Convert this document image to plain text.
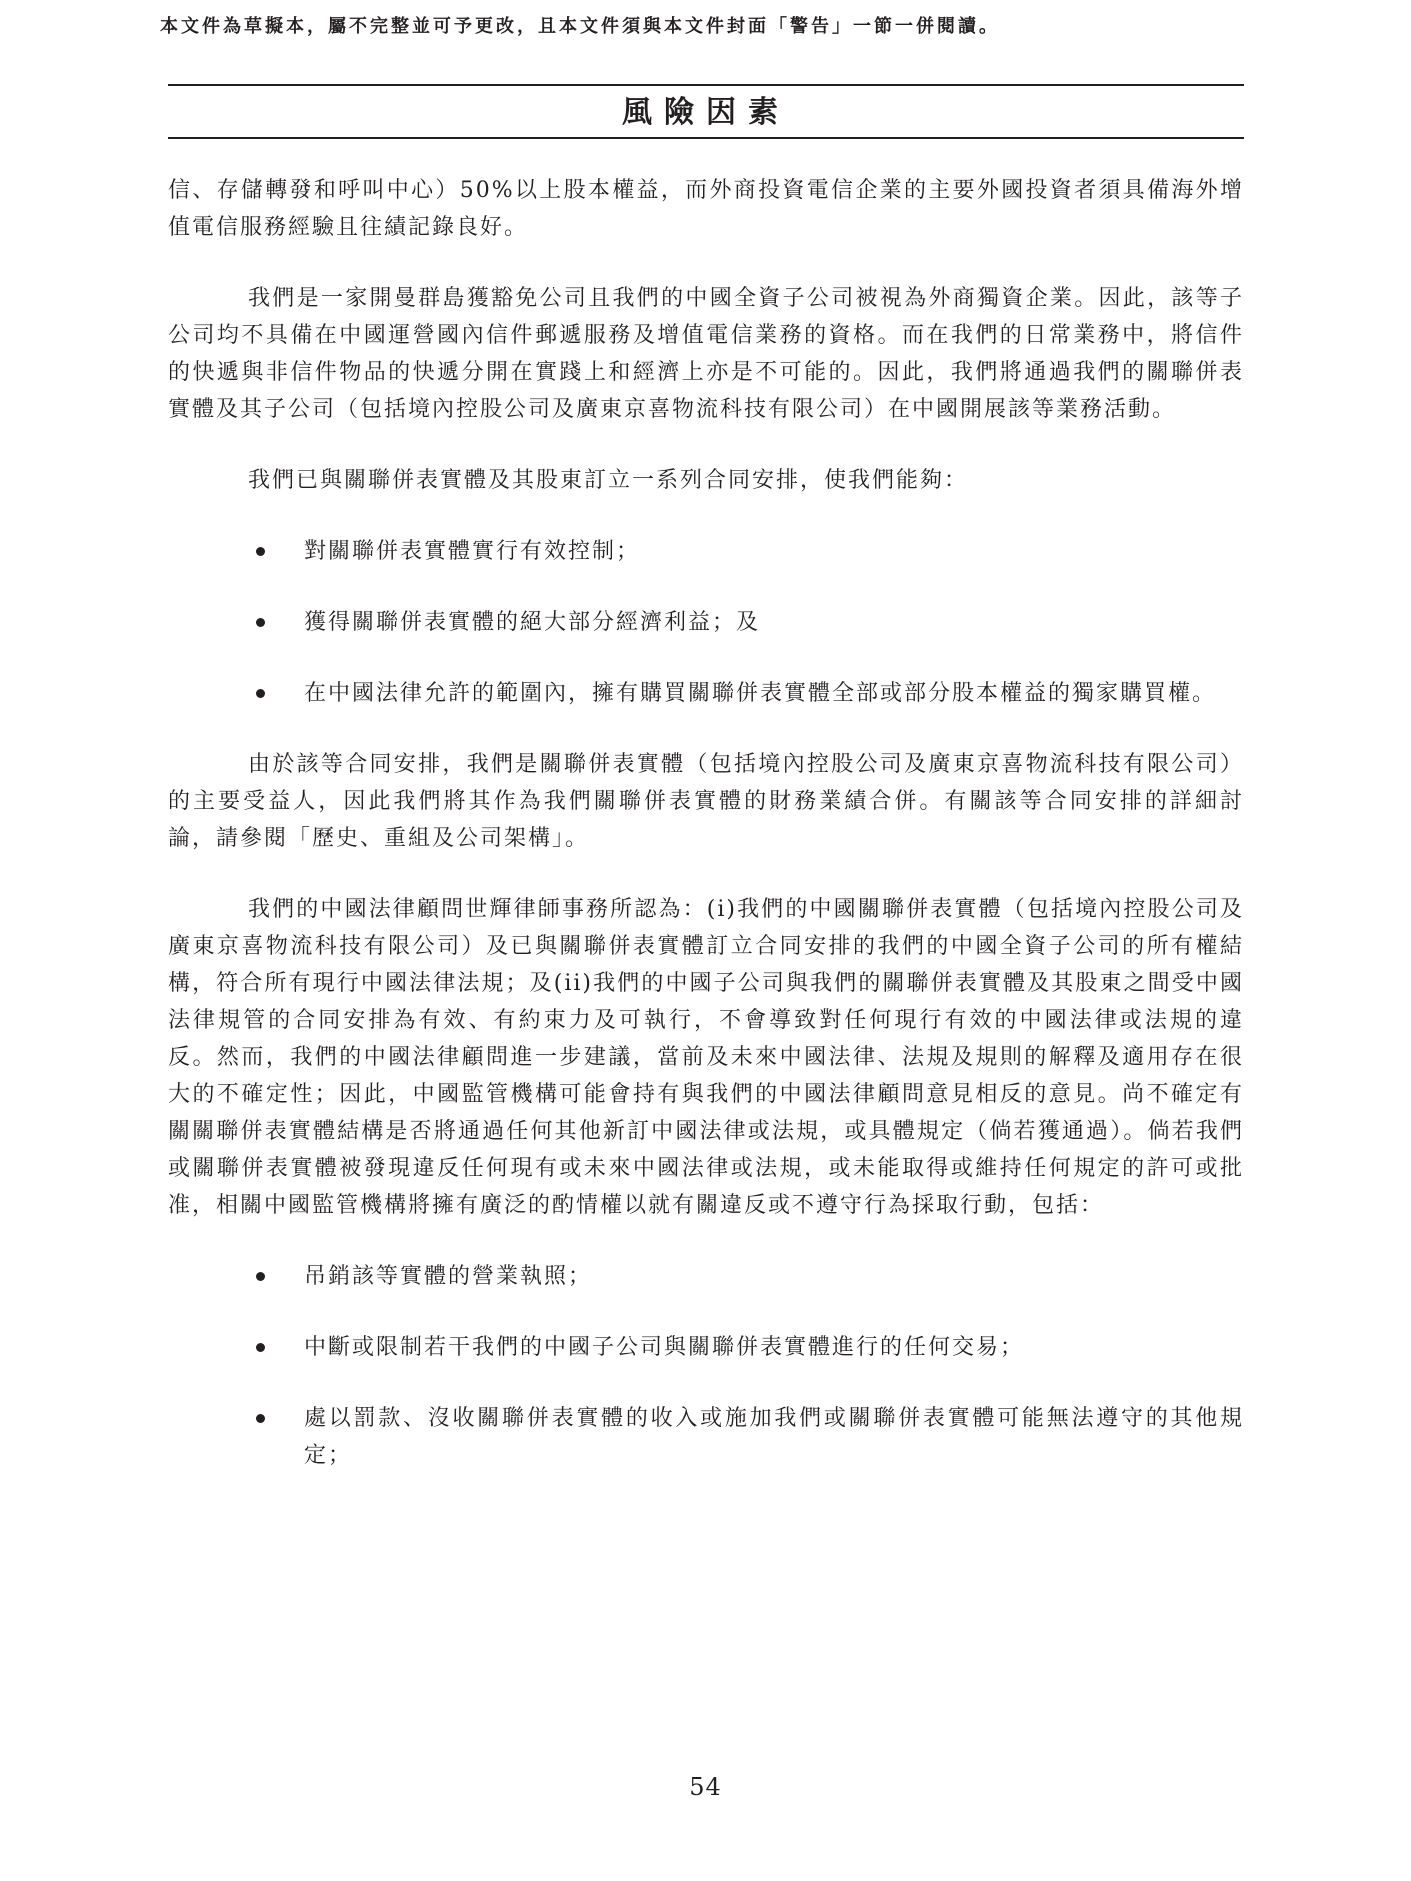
本文件為草擬本，屬不完整並可予更改，且本文件須與本文件封面「警告」一節一併閱讀。
風險因素

信、存儲轉發和呼叫中心）50%以上股本權益，而外商投資電信企業的主要外國投資者須具備海外增值電信服務經驗且往績記錄良好。

我們是一家開曼群島獲豁免公司且我們的中國全資子公司被視為外商獨資企業。因此，該等子公司均不具備在中國運營國內信件郵遞服務及增值電信業務的資格。而在我們的日常業務中，將信件的快遞與非信件物品的快遞分開在實踐上和經濟上亦是不可能的。因此，我們將通過我們的關聯併表實體及其子公司（包括境內控股公司及廣東京喜物流科技有限公司）在中國開展該等業務活動。

我們已與關聯併表實體及其股東訂立一系列合同安排，使我們能夠：

對關聯併表實體實行有效控制；
獲得關聯併表實體的絕大部分經濟利益；及
在中國法律允許的範圍內，擁有購買關聯併表實體全部或部分股本權益的獨家購買權。

由於該等合同安排，我們是關聯併表實體（包括境內控股公司及廣東京喜物流科技有限公司）的主要受益人，因此我們將其作為我們關聯併表實體的財務業績合併。有關該等合同安排的詳細討論，請參閱「歷史、重組及公司架構」。

我們的中國法律顧問世輝律師事務所認為：(i)我們的中國關聯併表實體（包括境內控股公司及廣東京喜物流科技有限公司）及已與關聯併表實體訂立合同安排的我們的中國全資子公司的所有權結構，符合所有現行中國法律法規；及(ii)我們的中國子公司與我們的關聯併表實體及其股東之間受中國法律規管的合同安排為有效、有約束力及可執行，不會導致對任何現行有效的中國法律或法規的違反。然而，我們的中國法律顧問進一步建議，當前及未來中國法律、法規及規則的解釋及適用存在很大的不確定性；因此，中國監管機構可能會持有與我們的中國法律顧問意見相反的意見。尚不確定有關關聯併表實體結構是否將通過任何其他新訂中國法律或法規，或具體規定（倘若獲通過）。倘若我們或關聯併表實體被發現違反任何現有或未來中國法律或法規，或未能取得或維持任何規定的許可或批准，相關中國監管機構將擁有廣泛的酌情權以就有關違反或不遵守行為採取行動，包括：

吊銷該等實體的營業執照；
中斷或限制若干我們的中國子公司與關聯併表實體進行的任何交易；
處以罰款、沒收關聯併表實體的收入或施加我們或關聯併表實體可能無法遵守的其他規定；
54
